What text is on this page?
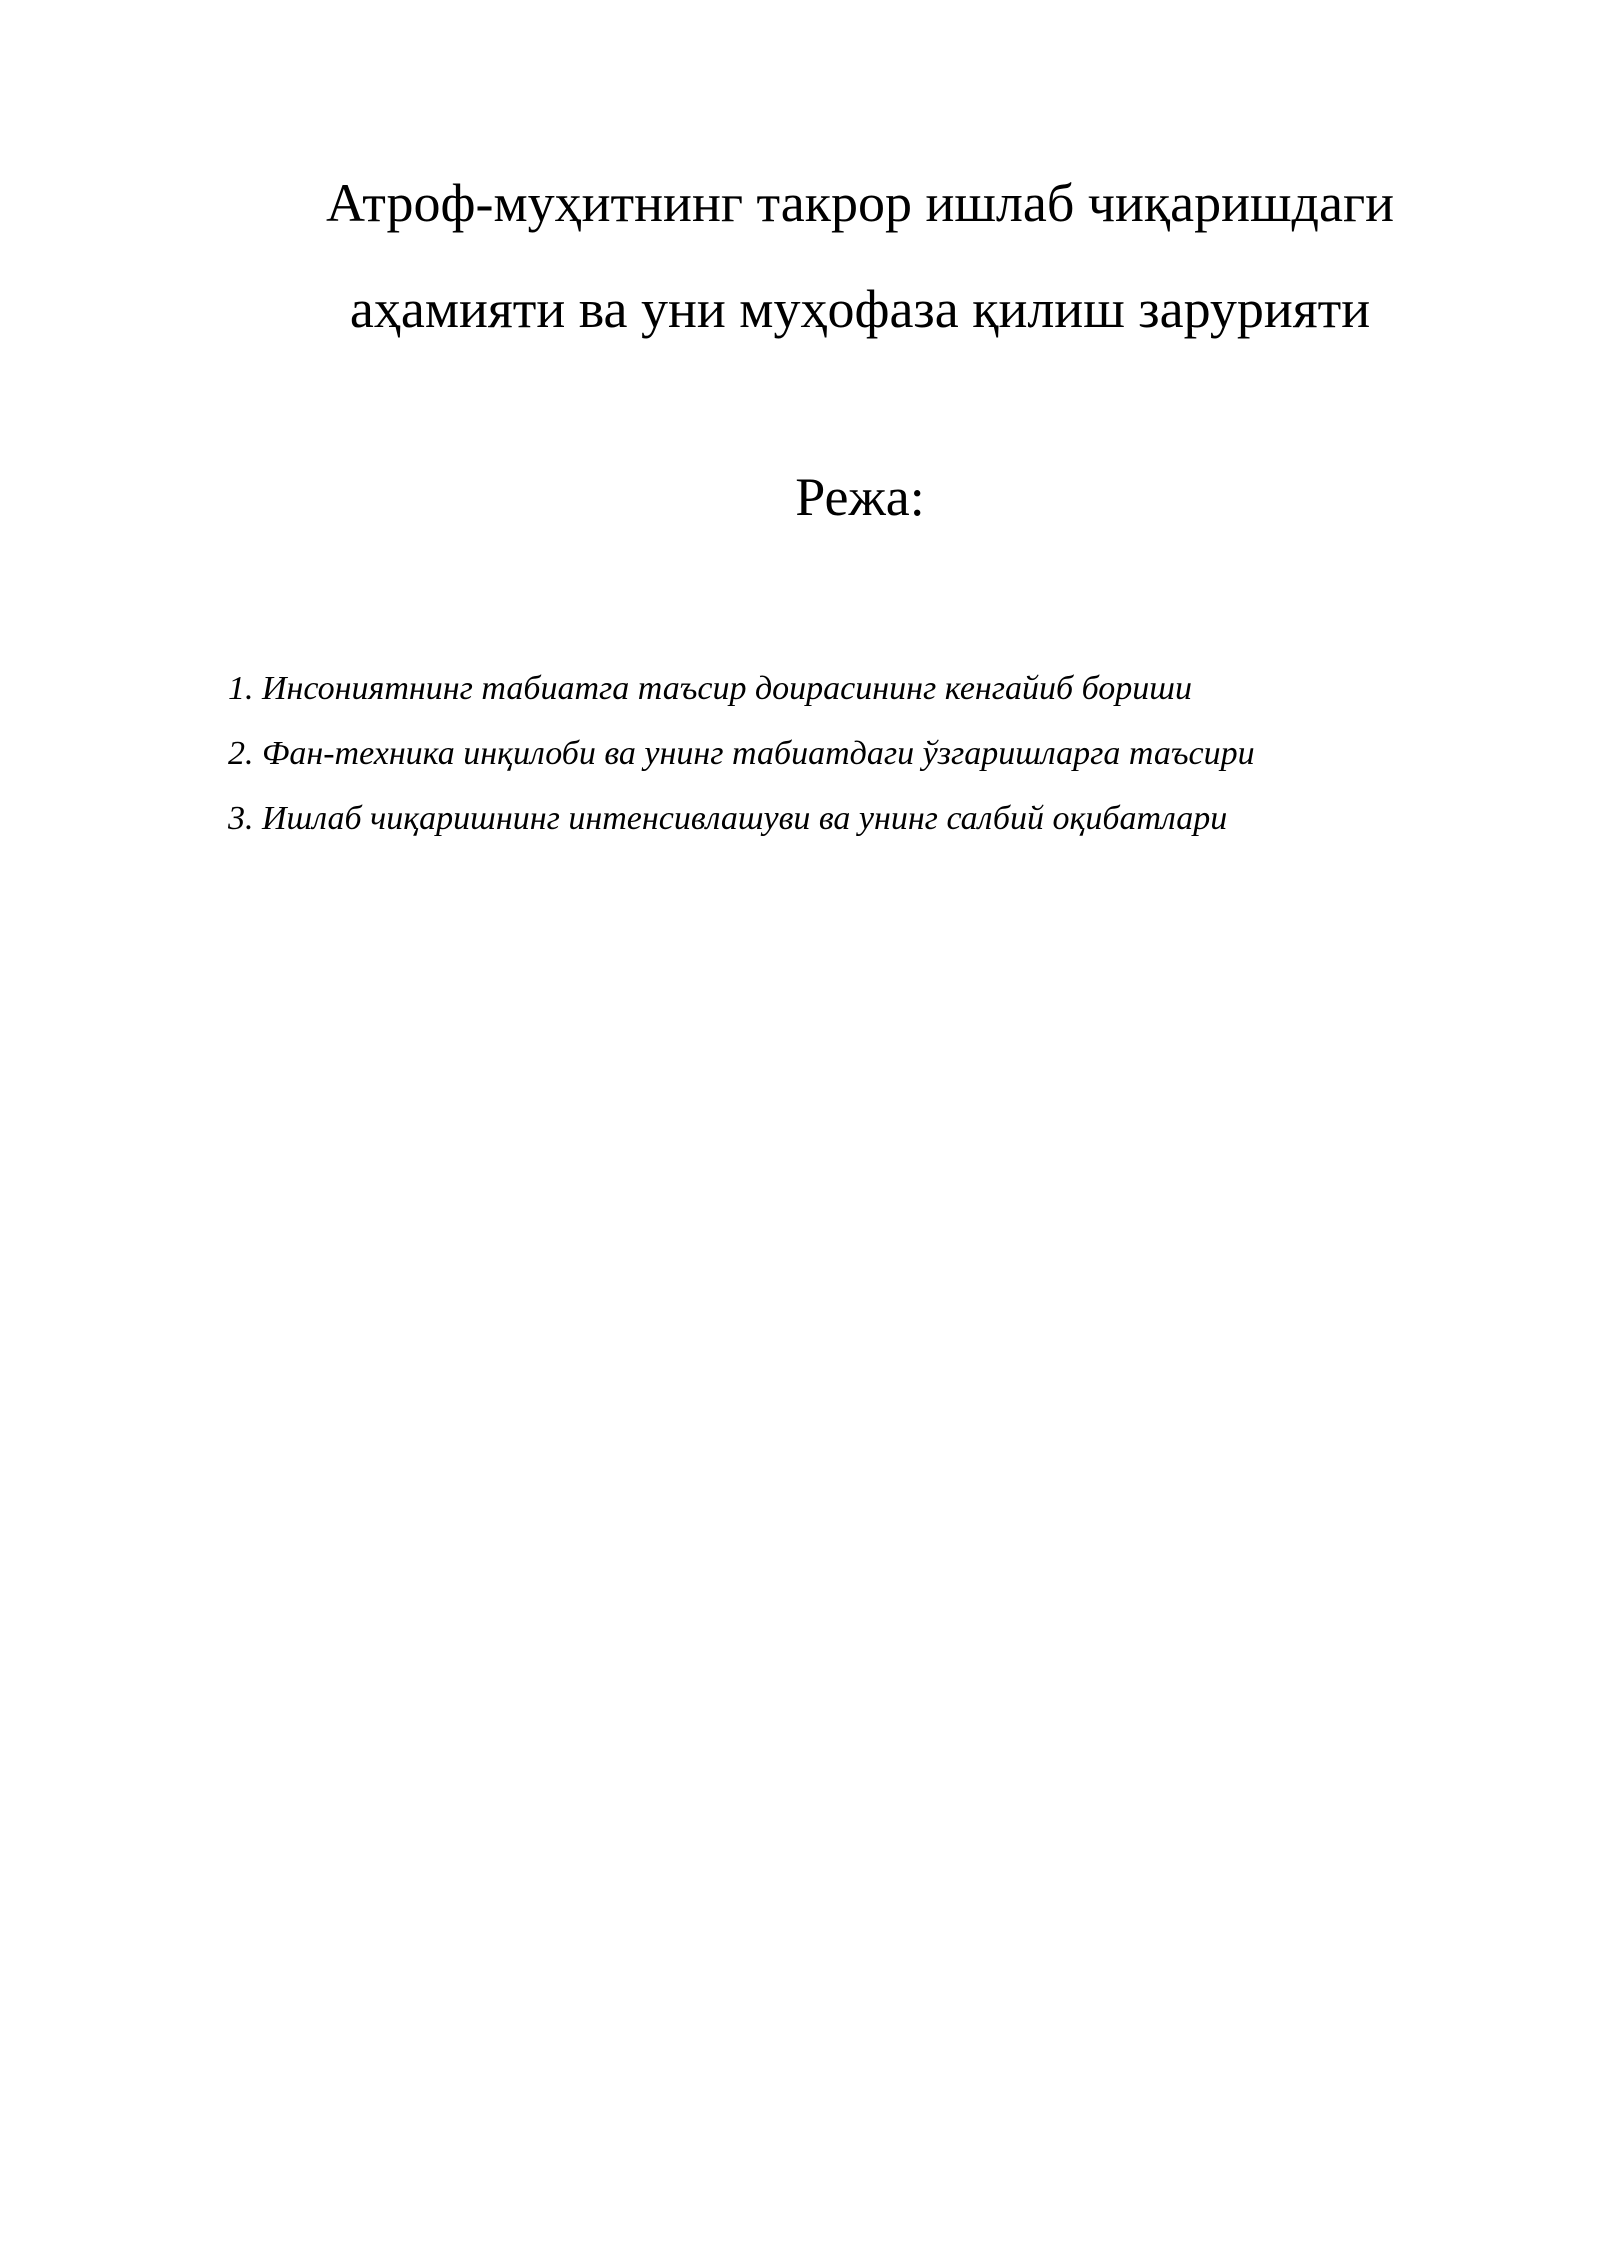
Атроф-муҳитнинг такрор ишлаб чиқаришдаги
аҳамияти ва уни муҳофаза қилиш зарурияти
Режа:
1. Инсониятнинг табиатга таъсир доирасининг кенгайиб бориши
2. Фан-техника инқилоби ва унинг табиатдаги ўзгаришларга таъсири
3. Ишлаб чиқаришнинг интенсивлашуви ва унинг салбий оқибатлари
